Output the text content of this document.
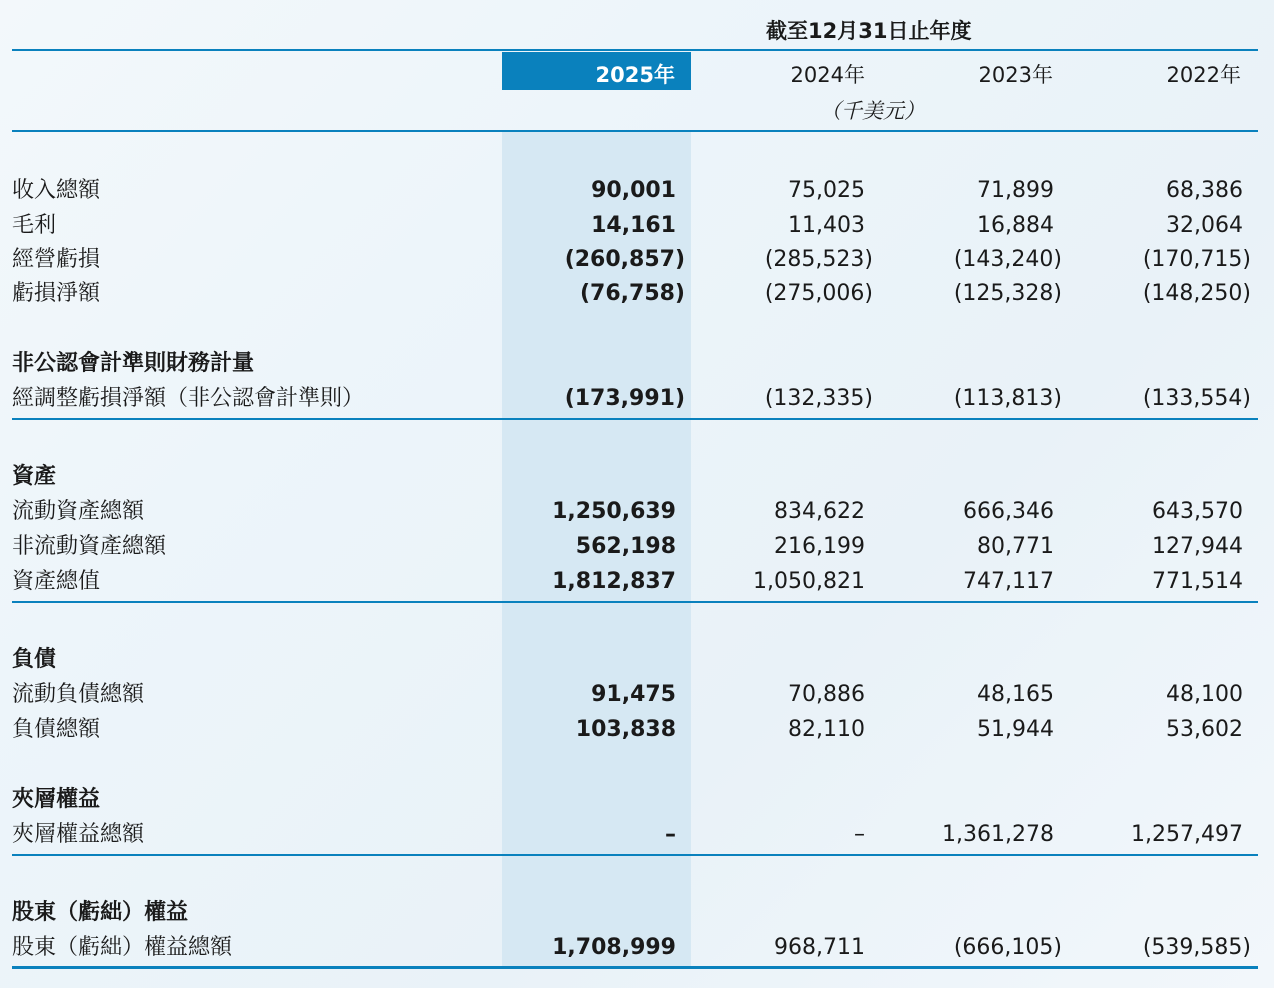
截至12月31日止年度
2025年	2024年	2023年	2022年
（千美元）
收入總額	90,001	75,025	71,899	68,386
毛利	14,161	11,403	16,884	32,064
經營虧損	(260,857)	(285,523)	(143,240)	(170,715)
虧損淨額	(76,758)	(275,006)	(125,328)	(148,250)
非公認會計準則財務計量
經調整虧損淨額（非公認會計準則）	(173,991)	(132,335)	(113,813)	(133,554)
資產
流動資產總額	1,250,639	834,622	666,346	643,570
非流動資產總額	562,198	216,199	80,771	127,944
資產總值	1,812,837	1,050,821	747,117	771,514
負債
流動負債總額	91,475	70,886	48,165	48,100
負債總額	103,838	82,110	51,944	53,602
夾層權益
夾層權益總額	–	–	1,361,278	1,257,497
股東（虧絀）權益
股東（虧絀）權益總額	1,708,999	968,711	(666,105)	(539,585)
